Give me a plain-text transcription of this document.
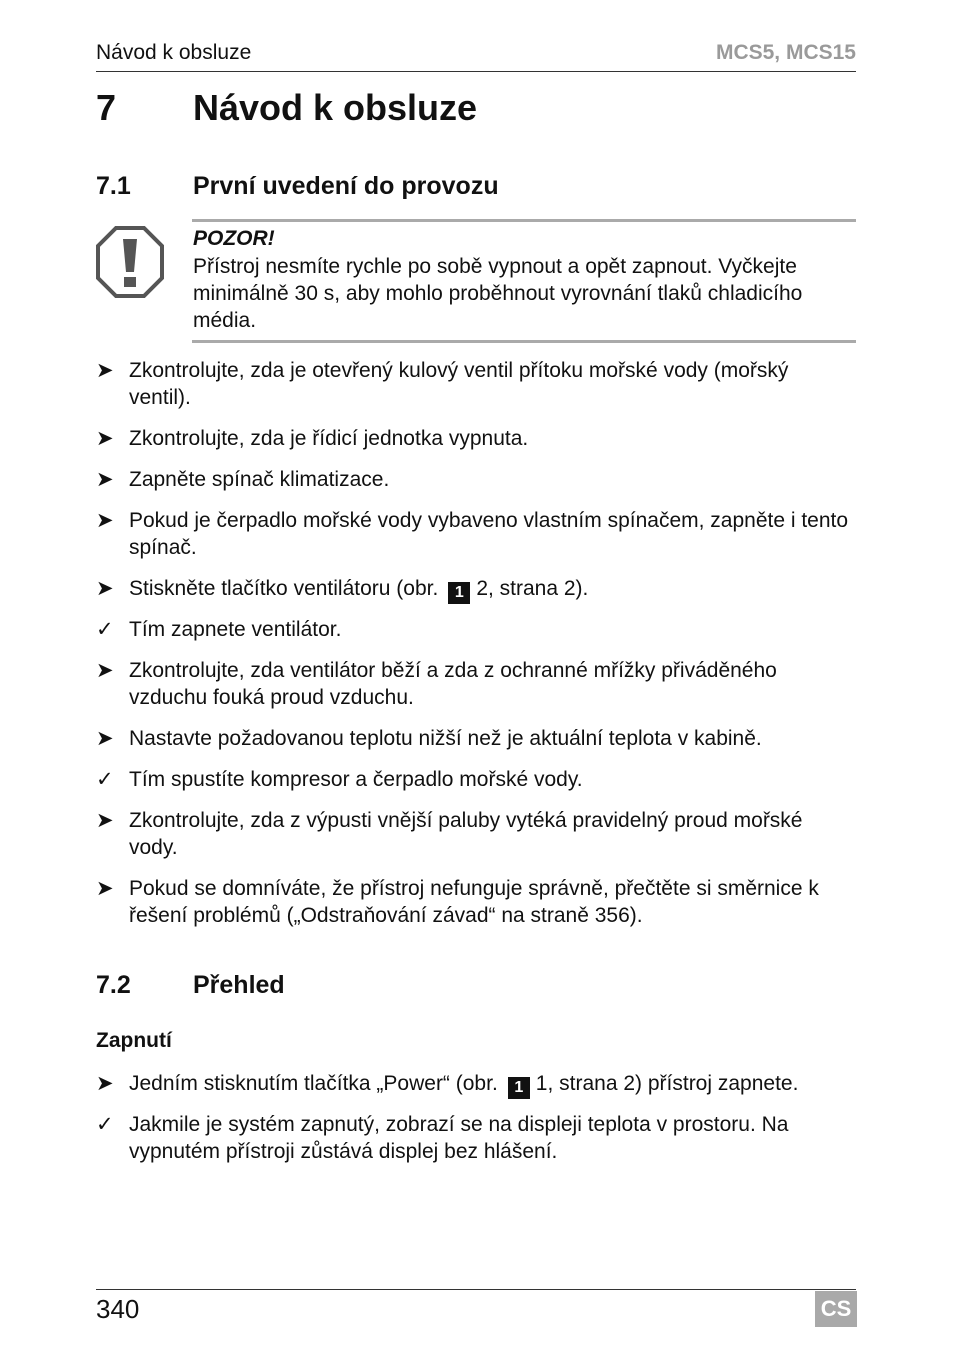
Návod k obsluze	MCS5, MCS15
7 Návod k obsluze
7.1 První uvedení do provozu
POZOR!
Přístroj nesmíte rychle po sobě vypnout a opět zapnout. Vyčkejte minimálně 30 s, aby mohlo proběhnout vyrovnání tlaků chladicího média.
➤ Zkontrolujte, zda je otevřený kulový ventil přítoku mořské vody (mořský ventil).
➤ Zkontrolujte, zda je řídicí jednotka vypnuta.
➤ Zapněte spínač klimatizace.
➤ Pokud je čerpadlo mořské vody vybaveno vlastním spínačem, zapněte i tento spínač.
➤ Stiskněte tlačítko ventilátoru (obr. 1 2, strana 2).
✓ Tím zapnete ventilátor.
➤ Zkontrolujte, zda ventilátor běží a zda z ochranné mřížky přiváděného vzduchu fouká proud vzduchu.
➤ Nastavte požadovanou teplotu nižší než je aktuální teplota v kabině.
✓ Tím spustíte kompresor a čerpadlo mořské vody.
➤ Zkontrolujte, zda z výpusti vnější paluby vytéká pravidelný proud mořské vody.
➤ Pokud se domníváte, že přístroj nefunguje správně, přečtěte si směrnice k řešení problémů („Odstraňování závad“ na straně 356).
7.2 Přehled
Zapnutí
➤ Jedním stisknutím tlačítka „Power“ (obr. 1 1, strana 2) přístroj zapnete.
✓ Jakmile je systém zapnutý, zobrazí se na displeji teplota v prostoru. Na vypnutém přístroji zůstává displej bez hlášení.
340	CS
